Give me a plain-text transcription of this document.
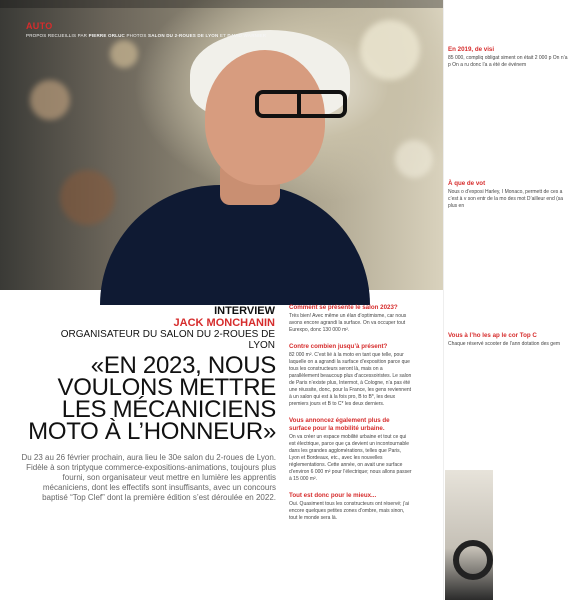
AUTO
PROPOS RECUEILLIS PAR PIERRE ORLUC PHOTOS SALON DU 2-ROUES DE LYON ET DAVID WARNIER
INTERVIEW
JACK MONCHANIN
ORGANISATEUR DU SALON DU 2-ROUES DE LYON
«EN 2023, NOUS VOULONS METTRE LES MÉCANICIENS MOTO À L’HONNEUR»
Du 23 au 26 février prochain, aura lieu le 30e salon du 2-roues de Lyon. Fidèle à son triptyque commerce-expositions-animations, toujours plus fourni, son organisateur veut mettre en lumière les apprentis mécaniciens, dont les effectifs sont insuffisants, avec un concours baptisé “Top Clef” dont la première édition s’est déroulée en 2022.

Comment se présente le salon 2023?

Très bien! Avec même un élan d’optimisme, car nous avons encore agrandi la surface. On va occuper tout Eurexpo, donc 130 000 m².

Contre combien jusqu’à présent?

82 000 m². C’est lié à la moto en tant que telle, pour laquelle on a agrandi la surface d’exposition parce que tous les constructeurs seront là, mais on a parallèlement beaucoup plus d’accessoiristes. Le salon de Paris n’existe plus, Intermot, à Cologne, n’a pas été une réussite, donc, pour la France, les gens reviennent à un salon qui est à la fois pro, B to B*, les deux premiers jours et B to C* les deux derniers.

Vous annoncez également plus de surface pour la mobilité urbaine.

On va créer un espace mobilité urbaine et tout ce qui est électrique, parce que ça devient un incontournable dans les grandes agglomérations, telles que Paris, Lyon et Bordeaux, etc., avec les nouvelles réglementations. Cette année, on avait une surface d’environ 6 000 m² pour l’électrique; nous allons passer à 15 000 m².

Tout est donc pour le mieux...

Oui. Quasiment tous les constructeurs ont réservé; j’ai encore quelques petites zones d’ombre, mais sinon, tout le monde sera là.

En 2019, de visi

85 000, compliq obligat siment on était 2 000 p On n’a p On a ru donc l’a a été de événem

À que de vot

Nous o d’exposi Harley, I Monaco, permett de ces a c’est à v son entr de la mo des mot D’ailleur end (sa plus en

Vous à l’ho les ap le cor Top C

Chaque réservé scooter de l’ann dotation des gem
